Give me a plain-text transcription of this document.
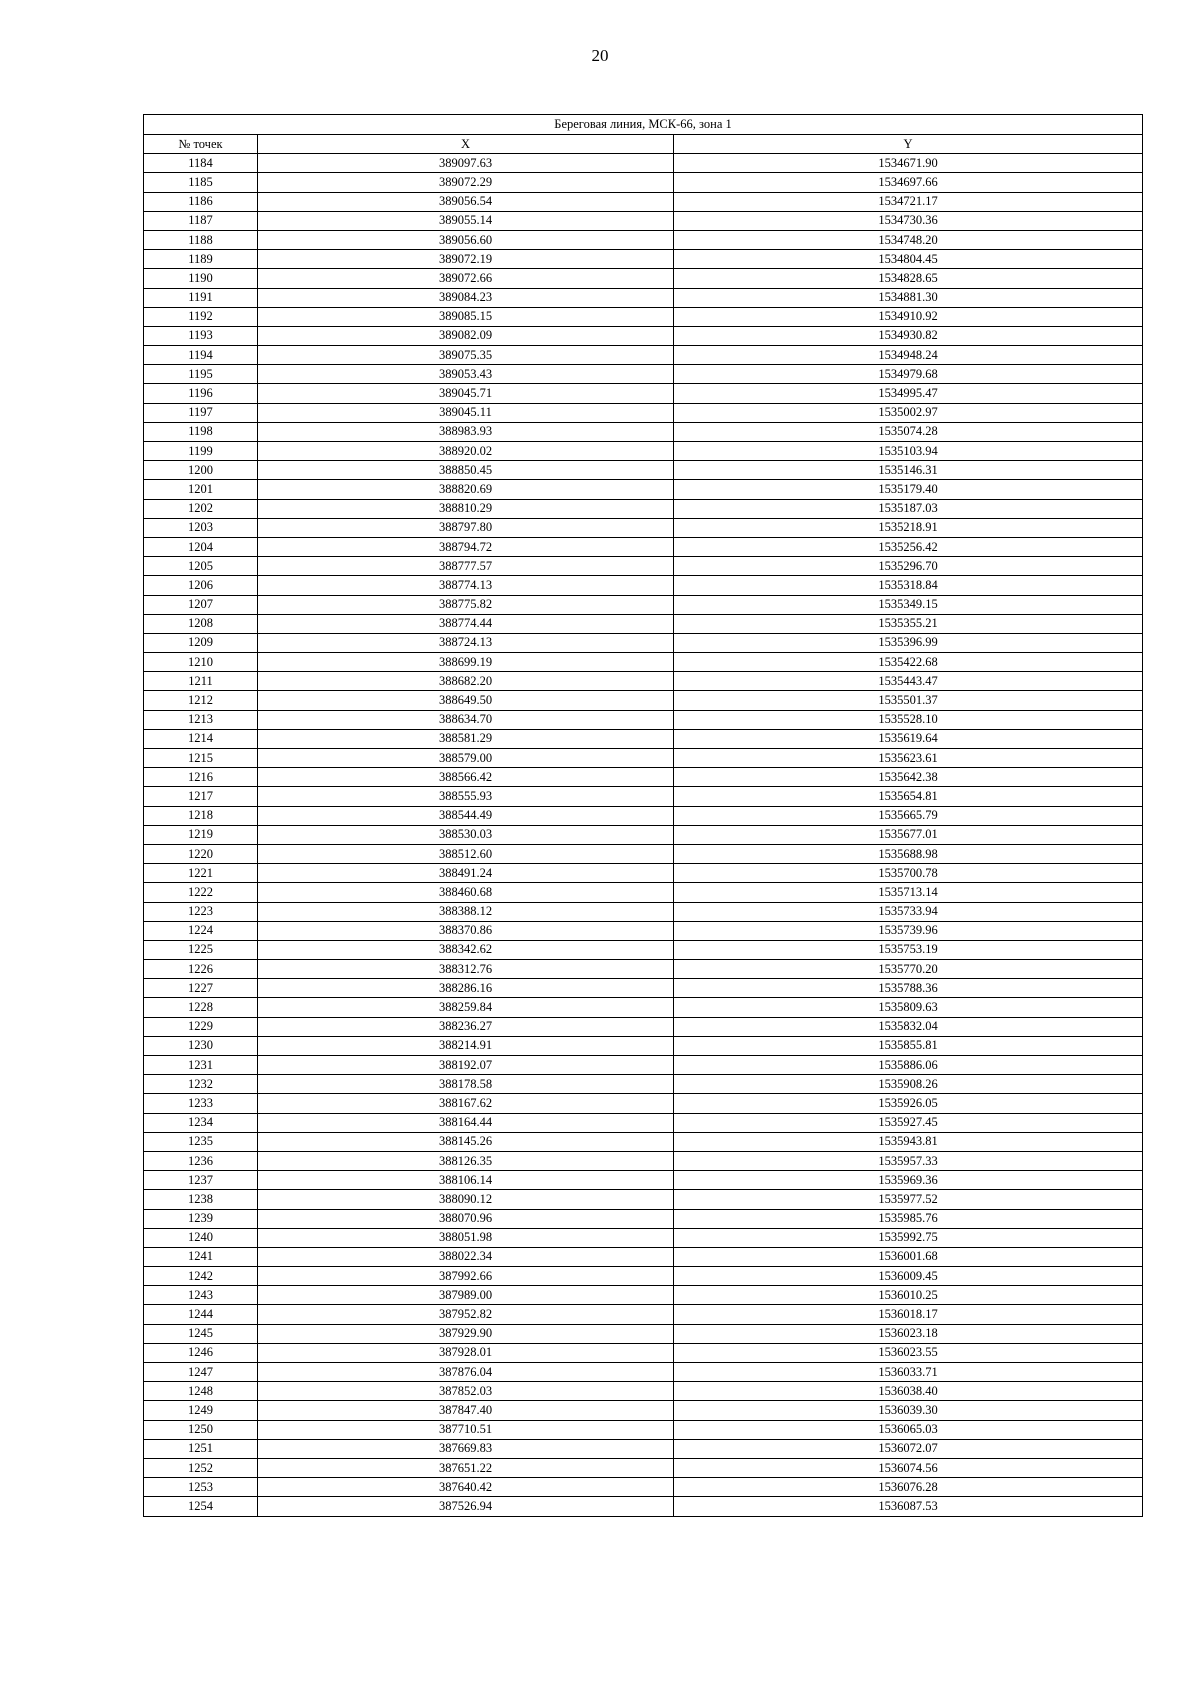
20
Береговая линия, МСК-66, зона 1		
№ точек	X	Y
1184	389097.63	1534671.90
1185	389072.29	1534697.66
1186	389056.54	1534721.17
1187	389055.14	1534730.36
1188	389056.60	1534748.20
1189	389072.19	1534804.45
1190	389072.66	1534828.65
1191	389084.23	1534881.30
1192	389085.15	1534910.92
1193	389082.09	1534930.82
1194	389075.35	1534948.24
1195	389053.43	1534979.68
1196	389045.71	1534995.47
1197	389045.11	1535002.97
1198	388983.93	1535074.28
1199	388920.02	1535103.94
1200	388850.45	1535146.31
1201	388820.69	1535179.40
1202	388810.29	1535187.03
1203	388797.80	1535218.91
1204	388794.72	1535256.42
1205	388777.57	1535296.70
1206	388774.13	1535318.84
1207	388775.82	1535349.15
1208	388774.44	1535355.21
1209	388724.13	1535396.99
1210	388699.19	1535422.68
1211	388682.20	1535443.47
1212	388649.50	1535501.37
1213	388634.70	1535528.10
1214	388581.29	1535619.64
1215	388579.00	1535623.61
1216	388566.42	1535642.38
1217	388555.93	1535654.81
1218	388544.49	1535665.79
1219	388530.03	1535677.01
1220	388512.60	1535688.98
1221	388491.24	1535700.78
1222	388460.68	1535713.14
1223	388388.12	1535733.94
1224	388370.86	1535739.96
1225	388342.62	1535753.19
1226	388312.76	1535770.20
1227	388286.16	1535788.36
1228	388259.84	1535809.63
1229	388236.27	1535832.04
1230	388214.91	1535855.81
1231	388192.07	1535886.06
1232	388178.58	1535908.26
1233	388167.62	1535926.05
1234	388164.44	1535927.45
1235	388145.26	1535943.81
1236	388126.35	1535957.33
1237	388106.14	1535969.36
1238	388090.12	1535977.52
1239	388070.96	1535985.76
1240	388051.98	1535992.75
1241	388022.34	1536001.68
1242	387992.66	1536009.45
1243	387989.00	1536010.25
1244	387952.82	1536018.17
1245	387929.90	1536023.18
1246	387928.01	1536023.55
1247	387876.04	1536033.71
1248	387852.03	1536038.40
1249	387847.40	1536039.30
1250	387710.51	1536065.03
1251	387669.83	1536072.07
1252	387651.22	1536074.56
1253	387640.42	1536076.28
1254	387526.94	1536087.53
